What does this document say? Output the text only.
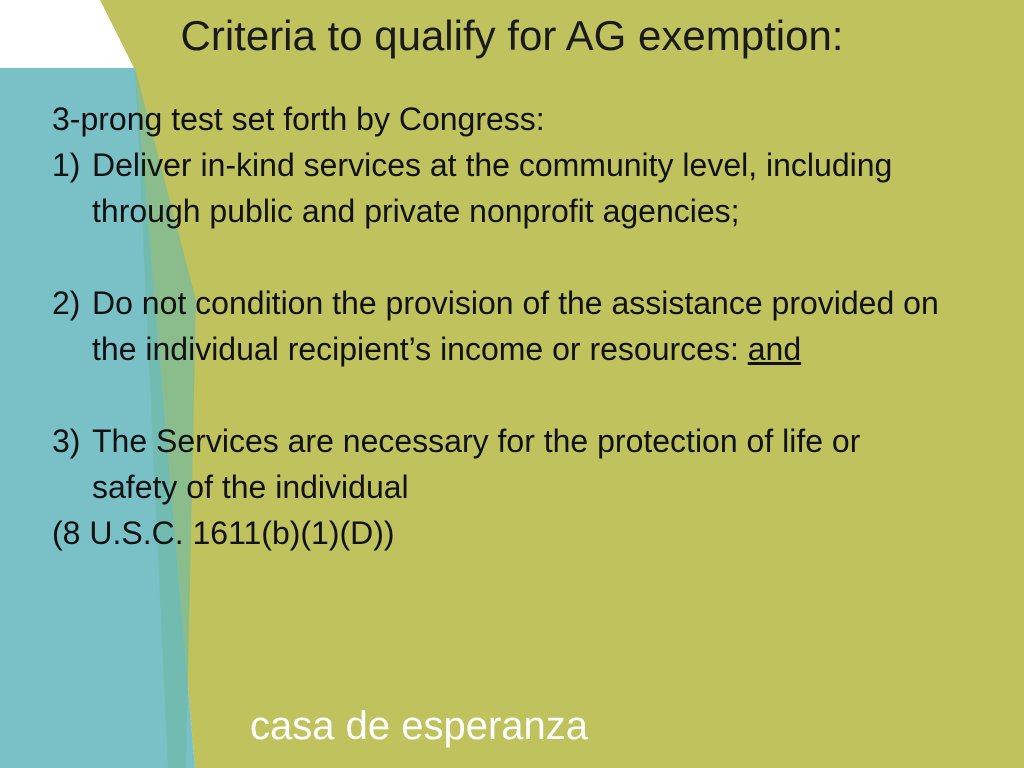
Criteria to qualify for AG exemption:

3-prong test set forth by Congress:

1) Deliver in-kind services at the community level, including through public and private nonprofit agencies;
2) Do not condition the provision of the assistance provided on the individual recipient’s income or resources: and
3) The Services are necessary for the protection of life or safety of the individual

(8 U.S.C. 1611(b)(1)(D))

casa de esperanza
